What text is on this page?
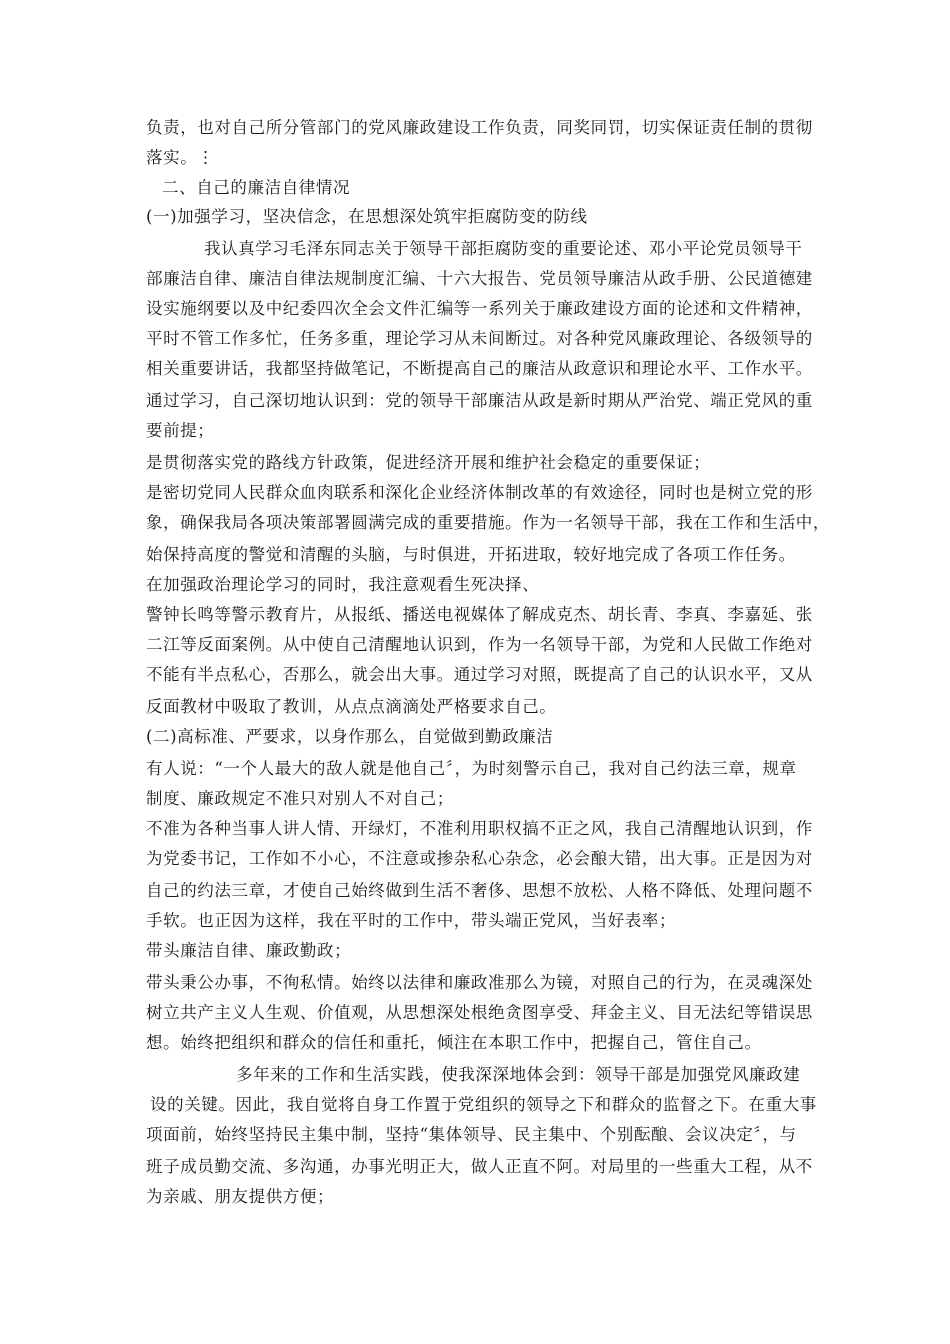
负责，也对自己所分管部门的党风廉政建设工作负责，同奖同罚，切实保证责任制的贯彻

落实。⋮

二、自己的廉洁自律情况

(一)加强学习，坚决信念，在思想深处筑牢拒腐防变的防线

我认真学习毛泽东同志关于领导干部拒腐防变的重要论述、邓小平论党员领导干

部廉洁自律、廉洁自律法规制度汇编、十六大报告、党员领导廉洁从政手册、公民道德建

设实施纲要以及中纪委四次全会文件汇编等一系列关于廉政建设方面的论述和文件精神，

平时不管工作多忙，任务多重，理论学习从未间断过。对各种党风廉政理论、各级领导的

相关重要讲话，我都坚持做笔记，不断提高自己的廉洁从政意识和理论水平、工作水平。

通过学习，自己深切地认识到：党的领导干部廉洁从政是新时期从严治党、端正党风的重

要前提；

是贯彻落实党的路线方针政策，促进经济开展和维护社会稳定的重要保证；

是密切党同人民群众血肉联系和深化企业经济体制改革的有效途径，同时也是树立党的形

象，确保我局各项决策部署圆满完成的重要措施。作为一名领导干部，我在工作和生活中，

始保持高度的警觉和清醒的头脑，与时俱进，开拓进取，较好地完成了各项工作任务。

在加强政治理论学习的同时，我注意观看生死决择、

警钟长鸣等警示教育片，从报纸、播送电视媒体了解成克杰、胡长青、李真、李嘉延、张

二江等反面案例。从中使自己清醒地认识到，作为一名领导干部，为党和人民做工作绝对

不能有半点私心，否那么，就会出大事。通过学习对照，既提高了自己的认识水平，又从

反面教材中吸取了教训，从点点滴滴处严格要求自己。

(二)高标准、严要求，以身作那么，自觉做到勤政廉洁

有人说：“一个人最大的敌人就是他自己〞，为时刻警示自己，我对自己约法三章，规章

制度、廉政规定不准只对别人不对自己；

不准为各种当事人讲人情、开绿灯，不准利用职权搞不正之风，我自己清醒地认识到，作

为党委书记，工作如不小心，不注意或掺杂私心杂念，必会酿大错，出大事。正是因为对

自己的约法三章，才使自己始终做到生活不奢侈、思想不放松、人格不降低、处理问题不

手软。也正因为这样，我在平时的工作中，带头端正党风，当好表率；

带头廉洁自律、廉政勤政；

带头秉公办事，不徇私情。始终以法律和廉政准那么为镜，对照自己的行为，在灵魂深处

树立共产主义人生观、价值观，从思想深处根绝贪图享受、拜金主义、目无法纪等错误思

想。始终把组织和群众的信任和重托，倾注在本职工作中，把握自己，管住自己。

多年来的工作和生活实践，使我深深地体会到：领导干部是加强党风廉政建

设的关键。因此，我自觉将自身工作置于党组织的领导之下和群众的监督之下。在重大事

项面前，始终坚持民主集中制，坚持“集体领导、民主集中、个别酝酿、会议决定〞，与

班子成员勤交流、多沟通，办事光明正大，做人正直不阿。对局里的一些重大工程，从不

为亲戚、朋友提供方便；
